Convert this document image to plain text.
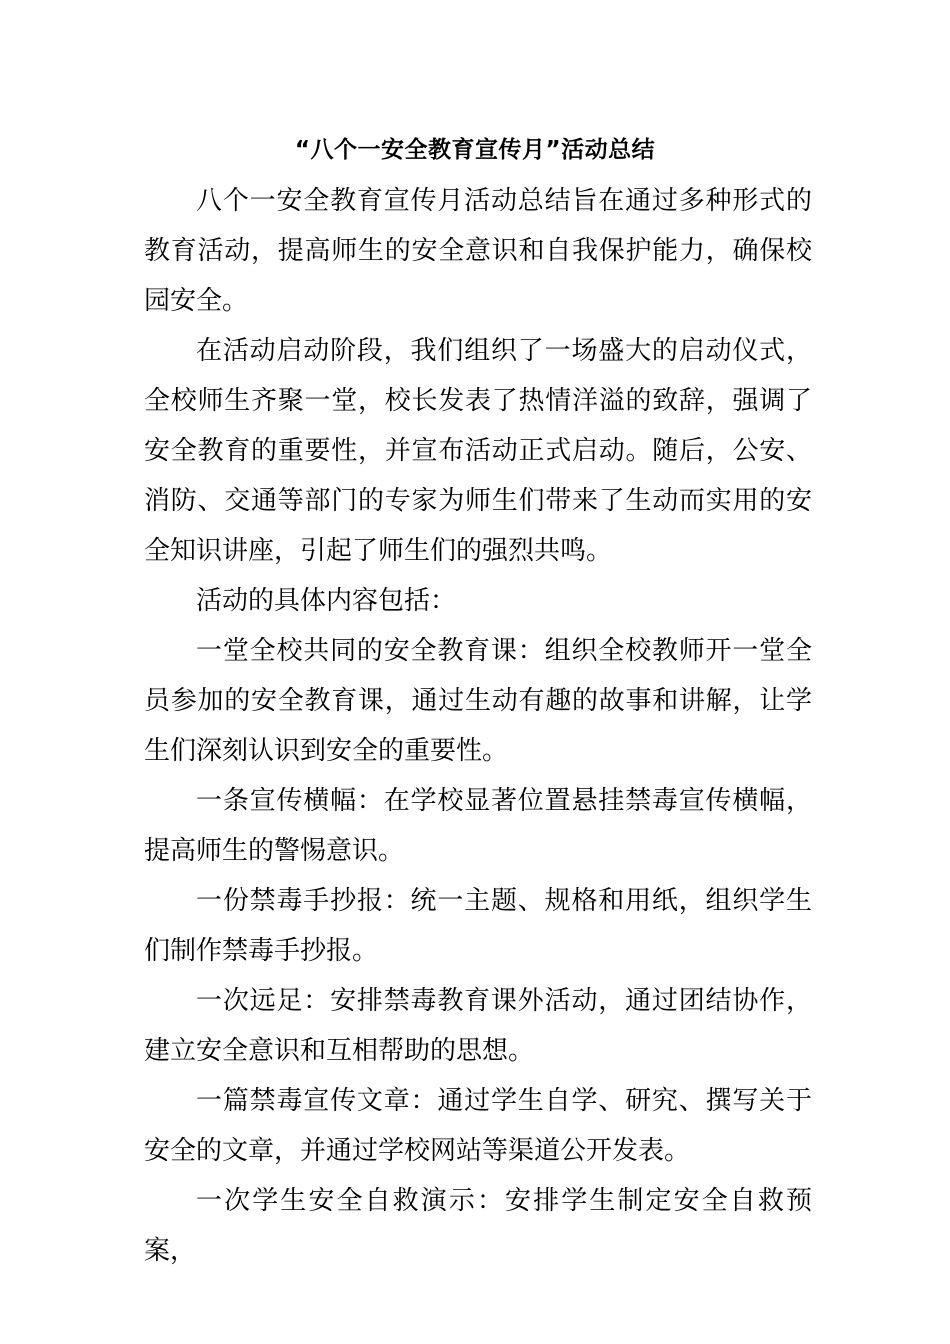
“八个一安全教育宣传月”活动总结

八个一安全教育宣传月活动总结旨在通过多种形式的教育活动，提高师生的安全意识和自我保护能力，确保校园安全。

在活动启动阶段，我们组织了一场盛大的启动仪式，全校师生齐聚一堂，校长发表了热情洋溢的致辞，强调了安全教育的重要性，并宣布活动正式启动。随后，公安、消防、交通等部门的专家为师生们带来了生动而实用的安全知识讲座，引起了师生们的强烈共鸣。

活动的具体内容包括：

一堂全校共同的安全教育课：组织全校教师开一堂全员参加的安全教育课，通过生动有趣的故事和讲解，让学生们深刻认识到安全的重要性。

一条宣传横幅：在学校显著位置悬挂禁毒宣传横幅，提高师生的警惕意识。

一份禁毒手抄报：统一主题、规格和用纸，组织学生们制作禁毒手抄报。

一次远足：安排禁毒教育课外活动，通过团结协作，建立安全意识和互相帮助的思想。

一篇禁毒宣传文章：通过学生自学、研究、撰写关于安全的文章，并通过学校网站等渠道公开发表。

一次学生安全自救演示：安排学生制定安全自救预案，
